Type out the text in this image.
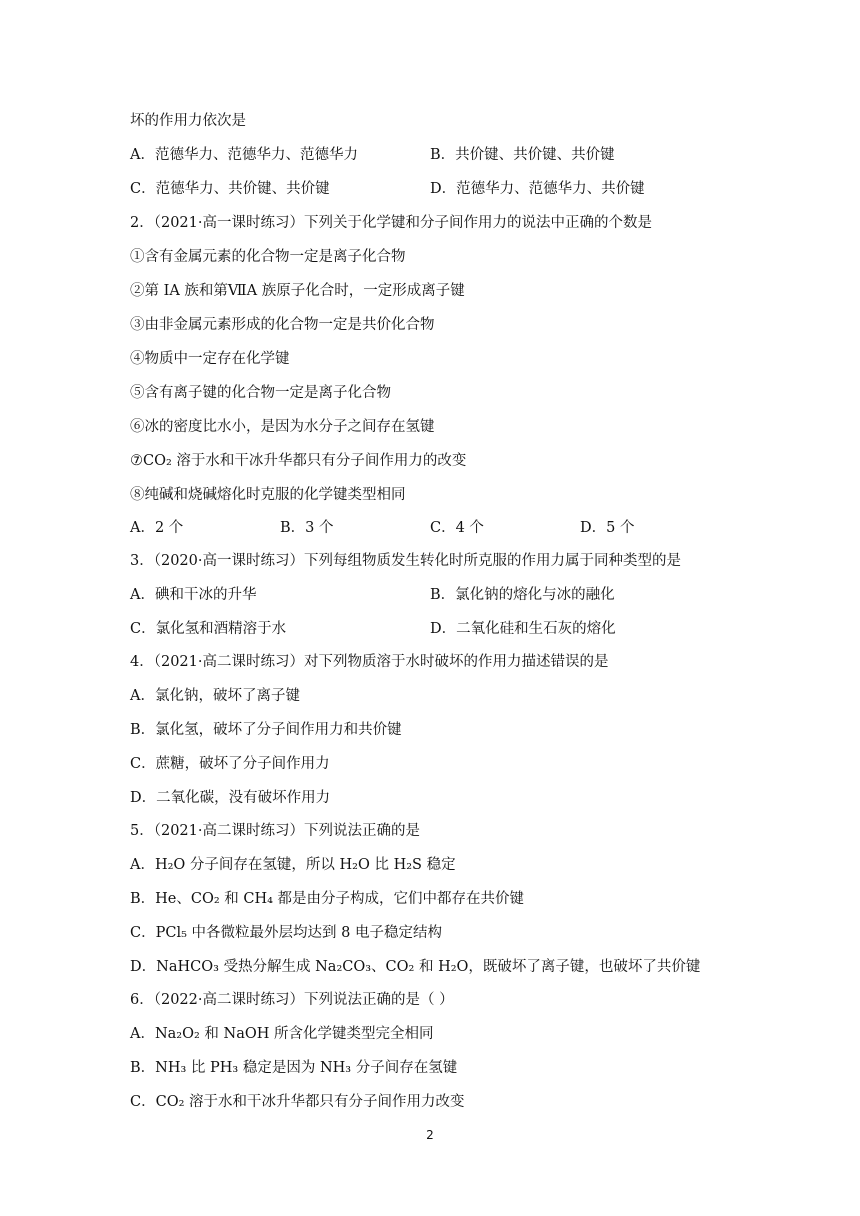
坏的作用力依次是
A．范德华力、范德华力、范德华力	B．共价键、共价键、共价键
C．范德华力、共价键、共价键	D．范德华力、范德华力、共价键
2．（2021·高一课时练习）下列关于化学键和分子间作用力的说法中正确的个数是
①含有金属元素的化合物一定是离子化合物
②第 IA 族和第ⅦA 族原子化合时，一定形成离子键
③由非金属元素形成的化合物一定是共价化合物
④物质中一定存在化学键
⑤含有离子键的化合物一定是离子化合物
⑥冰的密度比水小，是因为水分子之间存在氢键
⑦CO₂ 溶于水和干冰升华都只有分子间作用力的改变
⑧纯碱和烧碱熔化时克服的化学键类型相同
A．2 个	B．3 个	C．4 个	D．5 个
3．（2020·高一课时练习）下列每组物质发生转化时所克服的作用力属于同种类型的是
A．碘和干冰的升华	B．氯化钠的熔化与冰的融化
C．氯化氢和酒精溶于水	D．二氧化硅和生石灰的熔化
4．（2021·高二课时练习）对下列物质溶于水时破坏的作用力描述错误的是
A．氯化钠，破坏了离子键
B．氯化氢，破坏了分子间作用力和共价键
C．蔗糖，破坏了分子间作用力
D．二氧化碳，没有破坏作用力
5．（2021·高二课时练习）下列说法正确的是
A．H₂O 分子间存在氢键，所以 H₂O 比 H₂S 稳定
B．He、CO₂ 和 CH₄ 都是由分子构成，它们中都存在共价键
C．PCl₅ 中各微粒最外层均达到 8 电子稳定结构
D．NaHCO₃ 受热分解生成 Na₂CO₃、CO₂ 和 H₂O，既破坏了离子键，也破坏了共价键
6．（2022·高二课时练习）下列说法正确的是（ ）
A．Na₂O₂ 和 NaOH 所含化学键类型完全相同
B．NH₃ 比 PH₃ 稳定是因为 NH₃ 分子间存在氢键
C．CO₂ 溶于水和干冰升华都只有分子间作用力改变
2
